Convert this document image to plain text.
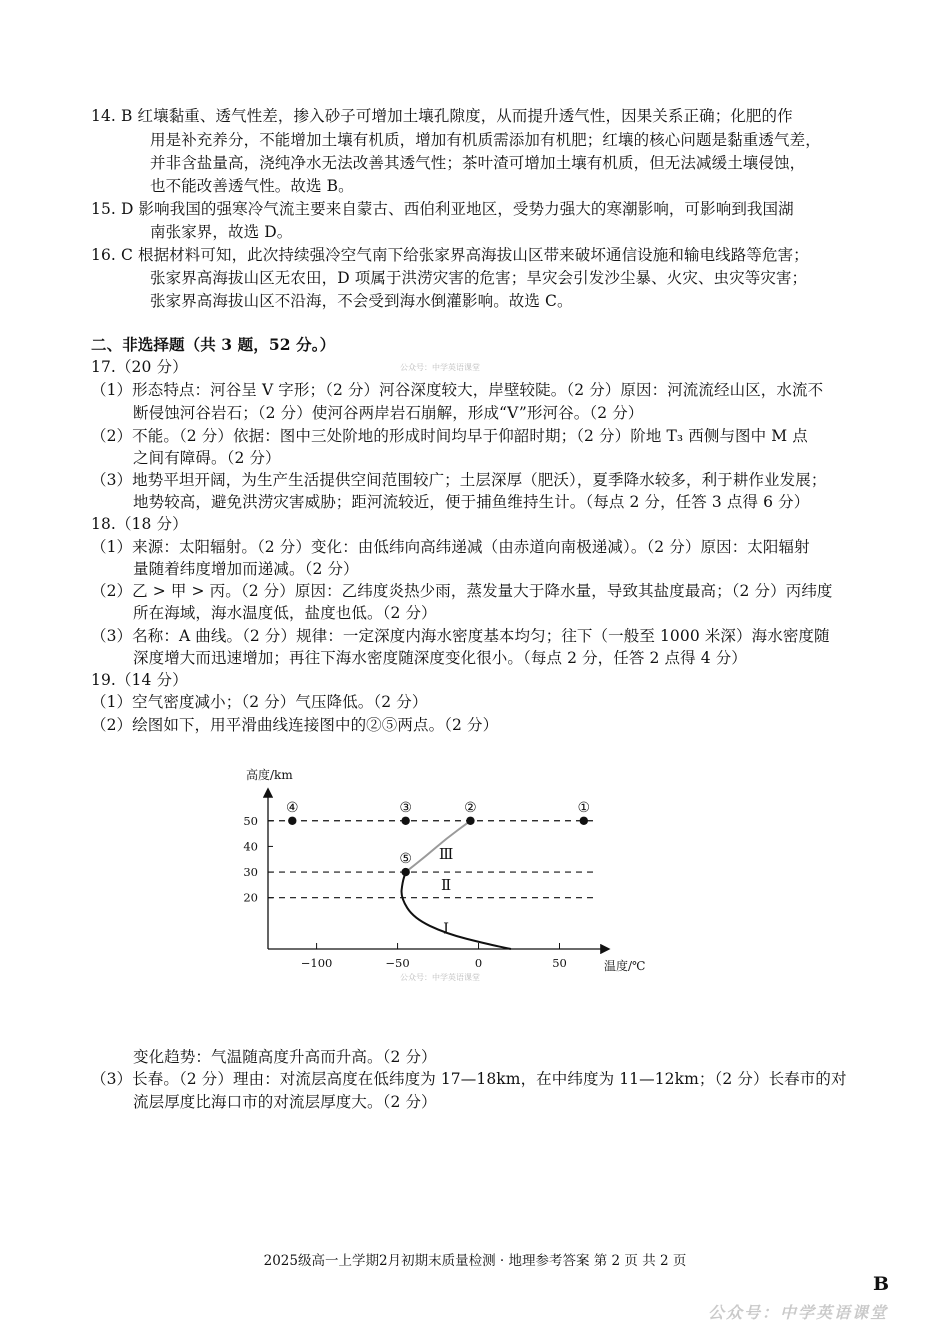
14. B 红壤黏重、透气性差，掺入砂子可增加土壤孔隙度，从而提升透气性，因果关系正确；化肥的作
用是补充养分，不能增加土壤有机质，增加有机质需添加有机肥；红壤的核心问题是黏重透气差，
并非含盐量高，浇纯净水无法改善其透气性；茶叶渣可增加土壤有机质，但无法减缓土壤侵蚀，
也不能改善透气性。故选 B。
15. D 影响我国的强寒冷气流主要来自蒙古、西伯利亚地区，受势力强大的寒潮影响，可影响到我国湖
南张家界，故选 D。
16. C 根据材料可知，此次持续强冷空气南下给张家界高海拔山区带来破坏通信设施和输电线路等危害；
张家界高海拔山区无农田，D 项属于洪涝灾害的危害；旱灾会引发沙尘暴、火灾、虫灾等灾害；
张家界高海拔山区不沿海，不会受到海水倒灌影响。故选 C。
二、非选择题（共 3 题，52 分。）
公众号：中学英语课堂
17.（20 分）
（1）形态特点：河谷呈 V 字形；（2 分）河谷深度较大，岸壁较陡。（2 分）原因：河流流经山区，水流不
断侵蚀河谷岩石；（2 分）使河谷两岸岩石崩解，形成“V”形河谷。（2 分）
（2）不能。（2 分）依据：图中三处阶地的形成时间均早于仰韶时期；（2 分）阶地 T₃ 西侧与图中 M 点
之间有障碍。（2 分）
（3）地势平坦开阔，为生产生活提供空间范围较广；土层深厚（肥沃），夏季降水较多，利于耕作业发展；
地势较高，避免洪涝灾害威胁；距河流较近，便于捕鱼维持生计。（每点 2 分，任答 3 点得 6 分）
18.（18 分）
（1）来源：太阳辐射。（2 分）变化：由低纬向高纬递减（由赤道向南极递减）。（2 分）原因：太阳辐射
量随着纬度增加而递减。（2 分）
（2）乙 > 甲 > 丙。（2 分）原因：乙纬度炎热少雨，蒸发量大于降水量，导致其盐度最高；（2 分）丙纬度
所在海域，海水温度低，盐度也低。（2 分）
（3）名称：A 曲线。（2 分）规律：一定深度内海水密度基本均匀；往下（一般至 1000 米深）海水密度随
深度增大而迅速增加；再往下海水密度随深度变化很小。（每点 2 分，任答 2 点得 4 分）
19.（14 分）
（1）空气密度减小；（2 分）气压降低。（2 分）
（2）绘图如下，用平滑曲线连接图中的②⑤两点。（2 分）
高度/km
温度/℃
20
30
40
50
−100	−50	0	50
Ⅲ
Ⅱ
Ⅰ
④	③	②	①
⑤
公众号：中学英语课堂
变化趋势：气温随高度升高而升高。（2 分）
（3）长春。（2 分）理由：对流层高度在低纬度为 17—18km，在中纬度为 11—12km；（2 分）长春市的对
流层厚度比海口市的对流层厚度大。（2 分）
2025级高一上学期2月初期末质量检测 · 地理参考答案 第 2 页 共 2 页
B
公众号：中学英语课堂
